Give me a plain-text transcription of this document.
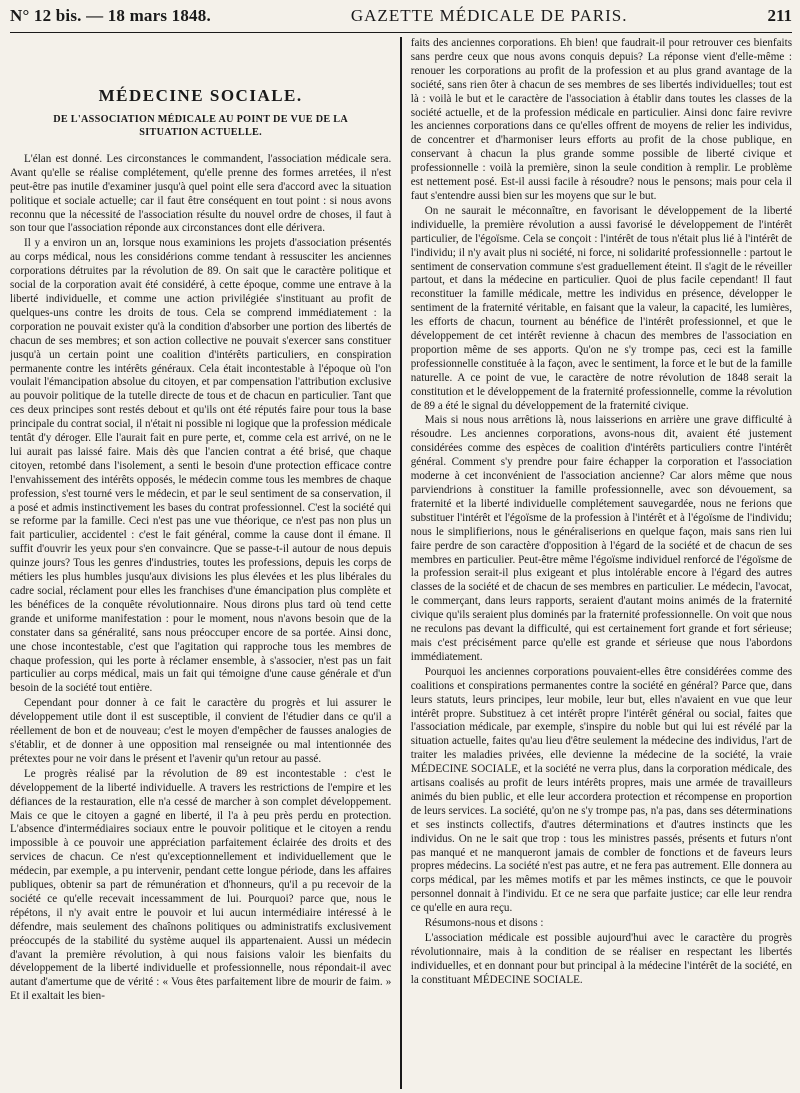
N° 12 bis. — 18 mars 1848.	GAZETTE MÉDICALE DE PARIS.	211
MÉDECINE SOCIALE.
DE L'ASSOCIATION MÉDICALE AU POINT DE VUE DE LA SITUATION ACTUELLE.

L'élan est donné. Les circonstances le commandent, l'association médicale sera. Avant qu'elle se réalise complétement, qu'elle prenne des formes arretées, il n'est peut-être pas inutile d'examiner jusqu'à quel point elle sera d'accord avec la situation politique et sociale actuelle; car il faut être conséquent en tout point : si nous avons reconnu que la nécessité de l'association résulte du nouvel ordre de choses, il faut à son tour que l'association réponde aux circonstances dont elle dérivera.

Il y a environ un an, lorsque nous examinions les projets d'association présentés au corps médical, nous les considérions comme tendant à ressusciter les anciennes corporations détruites par la révolution de 89. On sait que le caractère politique et social de la corporation avait été considéré, à cette époque, comme une entrave à la liberté individuelle, et comme une action privilégiée s'instituant au profit de quelques-uns contre les droits de tous. Cela se comprend immédiatement : la corporation ne pouvait exister qu'à la condition d'absorber une portion des libertés de chacun de ses membres; et son action collective ne pouvait s'exercer sans constituer jusqu'à un certain point une coalition d'intérêts particuliers, en conspiration permanente contre les intérêts généraux. Cela était incontestable à l'époque où l'on voulait l'émancipation absolue du citoyen, et par compensation l'attribution exclusive au pouvoir politique de la tutelle directe de tous et de chacun en particulier. Tant que ces deux principes sont restés debout et qu'ils ont été réputés faire pour tous la base principale du contrat social, il n'était ni possible ni logique que la profession médicale tentât d'y déroger. Elle l'aurait fait en pure perte, et, comme cela est arrivé, on ne le lui aurait pas laissé faire. Mais dès que l'ancien contrat a été brisé, que chaque citoyen, retombé dans l'isolement, a senti le besoin d'une protection efficace contre l'envahissement des intérêts opposés, le médecin comme tous les membres de chaque profession, s'est tourné vers le médecin, et par le seul sentiment de sa conservation, il a posé et admis instinctivement les bases du contrat professionnel. C'est la société qui se reforme par la famille. Ceci n'est pas une vue théorique, ce n'est pas non plus un fait particulier, accidentel : c'est le fait général, comme la cause dont il émane. Il suffit d'ouvrir les yeux pour s'en convaincre. Que se passe-t-il autour de nous depuis quinze jours? Tous les genres d'industries, toutes les professions, depuis les corps de métiers les plus humbles jusqu'aux divisions les plus élevées et les plus libérales du cadre social, réclament pour elles les franchises d'une émancipation plus complète et les bénéfices de la conquête révolutionnaire. Nous dirons plus tard où tend cette grande et uniforme manifestation : pour le moment, nous n'avons besoin que de la constater dans sa généralité, sans nous préoccuper encore de sa portée. Ainsi donc, une chose incontestable, c'est que l'agitation qui rapproche tous les membres de chaque profession, qui les porte à réclamer ensemble, à s'associer, n'est pas un fait particulier au corps médical, mais un fait qui témoigne d'une cause générale et d'un besoin de la société tout entière.

Cependant pour donner à ce fait le caractère du progrès et lui assurer le développement utile dont il est susceptible, il convient de l'étudier dans ce qu'il a réellement de bon et de nouveau; c'est le moyen d'empêcher de fausses analogies de s'établir, et de donner à une opposition mal renseignée ou mal intentionnée des prétextes pour ne voir dans le présent et l'avenir qu'un retour au passé.

Le progrès réalisé par la révolution de 89 est incontestable : c'est le développement de la liberté individuelle. A travers les restrictions de l'empire et les défiances de la restauration, elle n'a cessé de marcher à son complet développement. Mais ce que le citoyen a gagné en liberté, il l'a à peu près perdu en protection. L'absence d'intermédiaires sociaux entre le pouvoir politique et le citoyen a rendu impossible à ce pouvoir une appréciation parfaitement éclairée des droits et des services de chacun. Ce n'est qu'exceptionnellement et individuellement que le médecin, par exemple, a pu intervenir, pendant cette longue période, dans les affaires publiques, obtenir sa part de rémunération et d'honneurs, qu'il a pu recevoir de la société ce qu'elle recevait incessamment de lui. Pourquoi? parce que, nous le répétons, il n'y avait entre le pouvoir et lui aucun intermédiaire intéressé à le défendre, mais seulement des chaînons politiques ou administratifs exclusivement préoccupés de la stabilité du système auquel ils appartenaient. Aussi un médecin d'avant la première révolution, à qui nous faisions valoir les bienfaits du développement de la liberté individuelle et professionnelle, nous répondait-il avec autant d'amertume que de vérité : « Vous êtes parfaitement libre de mourir de faim. » Et il exaltait les bien-

faits des anciennes corporations. Eh bien! que faudrait-il pour retrouver ces bienfaits sans perdre ceux que nous avons conquis depuis? La réponse vient d'elle-même : renouer les corporations au profit de la profession et au plus grand avantage de la société, sans rien ôter à chacun de ses membres de ses libertés individuelles; tout est là : voilà le but et le caractère de l'association à établir dans toutes les classes de la société actuelle, et de la profession médicale en particulier. Ainsi donc faire revivre les anciennes corporations dans ce qu'elles offrent de moyens de relier les individus, de concentrer et d'harmoniser leurs efforts au profit de la chose publique, en conservant à chacun la plus grande somme possible de liberté civique et professionnelle : voilà la première, sinon la seule condition à remplir. Le problème est nettement posé. Est-il aussi facile à résoudre? nous le pensons; mais pour cela il faut s'entendre aussi bien sur les moyens que sur le but.

On ne saurait le méconnaître, en favorisant le développement de la liberté individuelle, la première révolution a aussi favorisé le développement de l'intérêt particulier, de l'égoïsme. Cela se conçoit : l'intérêt de tous n'était plus lié à l'intérêt de l'individu; il n'y avait plus ni société, ni force, ni solidarité professionnelle : partout le sentiment de conservation commune s'est graduellement éteint. Il s'agit de le réveiller partout, et dans la médecine en particulier. Quoi de plus facile cependant! Il faut reconstituer la famille médicale, mettre les individus en présence, développer le sentiment de la fraternité véritable, en faisant que la valeur, la capacité, les lumières, les efforts de chacun, tournent au bénéfice de l'intérêt professionnel, et que le développement de cet intérêt revienne à chacun des membres de l'association en proportion même de ses apports. Qu'on ne s'y trompe pas, ceci est la famille professionnelle constituée à la façon, avec le sentiment, la force et le but de la famille naturelle. A ce point de vue, le caractère de notre révolution de 1848 serait la constitution et le développement de la fraternité professionnelle, comme la révolution de 89 a été le signal du développement de la fraternité civique.

Mais si nous nous arrêtions là, nous laisserions en arrière une grave difficulté à résoudre. Les anciennes corporations, avons-nous dit, avaient été justement considérées comme des espèces de coalition d'intérêts particuliers contre l'intérêt général. Comment s'y prendre pour faire échapper la corporation et l'association moderne à cet inconvénient de l'association ancienne? Car alors même que nous parviendrions à constituer la famille professionnelle, avec son dévouement, sa fraternité et la liberté individuelle complétement sauvegardée, nous ne ferions que substituer l'intérêt et l'égoïsme de la profession à l'intérêt et à l'égoïsme de l'individu; nous le simplifierions, nous le généraliserions en quelque façon, mais sans rien lui faire perdre de son caractère d'opposition à l'égard de la société et de chacun de ses membres en particulier. Peut-être même l'égoïsme individuel renforcé de l'égoïsme de la profession serait-il plus exigeant et plus intolérable encore à l'égard des autres classes de la société et de chacun de ses membres en particulier. Le médecin, l'avocat, le commerçant, dans leurs rapports, seraient d'autant moins animés de la fraternité civique qu'ils seraient plus dominés par la fraternité professionnelle. On voit que nous ne reculons pas devant la difficulté, qui est certainement fort grande et fort sérieuse; mais c'est précisément parce qu'elle est grande et sérieuse que nous l'abordons immédiatement.

Pourquoi les anciennes corporations pouvaient-elles être considérées comme des coalitions et conspirations permanentes contre la société en général? Parce que, dans leurs statuts, leurs principes, leur mobile, leur but, elles n'avaient en vue que leur intérêt propre. Substituez à cet intérêt propre l'intérêt général ou social, faites que l'association médicale, par exemple, s'inspire du noble but qui lui est révélé par la situation actuelle, faites qu'au lieu d'être seulement la médecine des individus, l'art de traiter les maladies privées, elle devienne la médecine de la société, la vraie MÉDECINE SOCIALE, et la société ne verra plus, dans la corporation médicale, des artisans coalisés au profit de leurs intérêts propres, mais une armée de travailleurs animés du bien public, et elle leur accordera protection et récompense en proportion de leurs services. La société, qu'on ne s'y trompe pas, n'a pas, dans ses déterminations et ses instincts collectifs, d'autres déterminations et d'autres instincts que les individus. On ne le sait que trop : tous les ministres passés, présents et futurs n'ont pas manqué et ne manqueront jamais de combler de fonctions et de faveurs leurs propres médecins. La société n'est pas autre, et ne fera pas autrement. Elle donnera au corps médical, par les mêmes motifs et par les mêmes instincts, ce que le pouvoir personnel donnait à l'individu. Et ce ne sera que parfaite justice; car elle leur rendra ce qu'elle en aura reçu.

Résumons-nous et disons :

L'association médicale est possible aujourd'hui avec le caractère du progrès révolutionnaire, mais à la condition de se réaliser en respectant les libertés individuelles, et en donnant pour but principal à la médecine l'intérêt de la société, en la constituant MÉDECINE SOCIALE.
